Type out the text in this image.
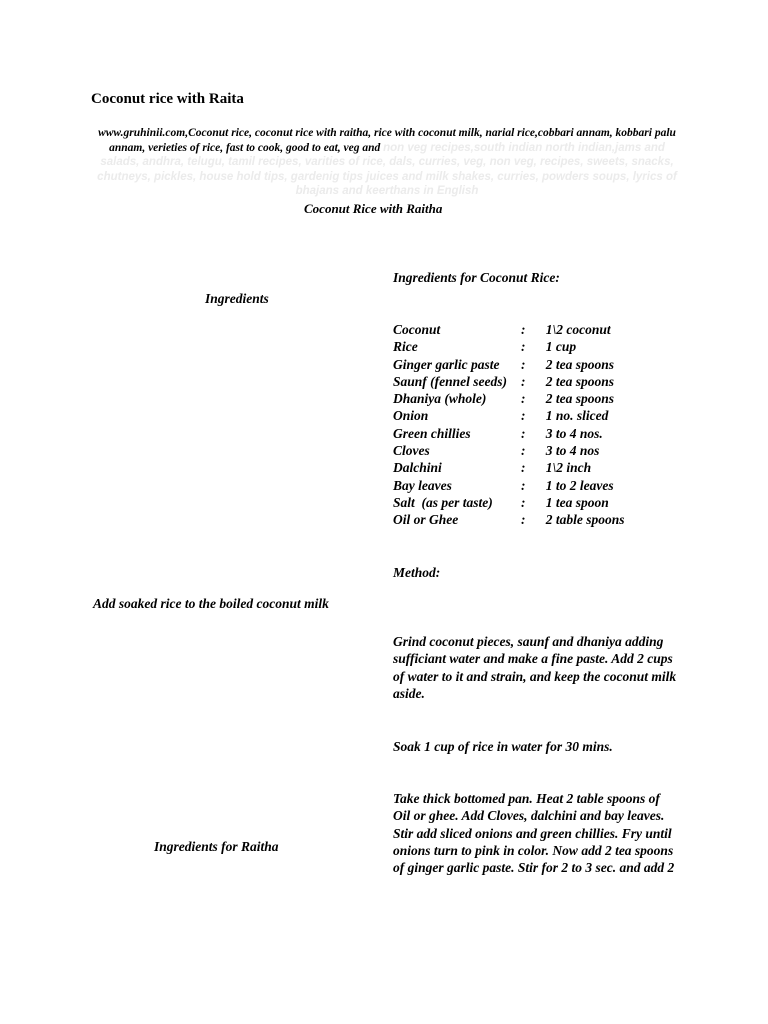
Coconut rice with Raita
www.gruhinii.com,Coconut rice, coconut rice with raitha, rice with coconut milk, narial rice,cobbari annam, kobbari palu annam, verieties of rice, fast to cook, good to eat, veg and non veg recipes,south indian north indian,jams and salads, andhra, telugu, tamil recipes, varities of rice, dals, curries, veg, non veg, recipes, sweets, snacks, chutneys, pickles, house hold tips, gardenig tips juices and milk shakes, curries, powders soups, lyrics of bhajans and keerthans in English
Coconut Rice with Raitha
Ingredients for Coconut Rice:
Ingredients
Coconut	:	1\2 coconut
Rice	:	1 cup
Ginger garlic paste	:	2 tea spoons
Saunf (fennel seeds)	:	2 tea spoons
Dhaniya (whole)	:	2 tea spoons
Onion	:	1 no. sliced
Green chillies	:	3 to 4 nos.
Cloves	:	3 to 4 nos
Dalchini	:	1\2 inch
Bay leaves	:	1 to 2 leaves
Salt  (as per taste)	:	1 tea spoon
Oil or Ghee	:	2 table spoons
Method:
Add soaked rice to the boiled coconut milk
Grind coconut pieces, saunf and dhaniya adding sufficiant water and make a fine paste. Add 2 cups of water to it and strain, and keep the coconut milk aside.
Soak 1 cup of rice in water for 30 mins.
Take thick bottomed pan. Heat 2 table spoons of Oil or ghee. Add Cloves, dalchini and bay leaves. Stir add sliced onions and green chillies. Fry until onions turn to pink in color. Now add 2 tea spoons of ginger garlic paste. Stir for 2 to 3 sec. and add 2
Ingredients for Raitha
